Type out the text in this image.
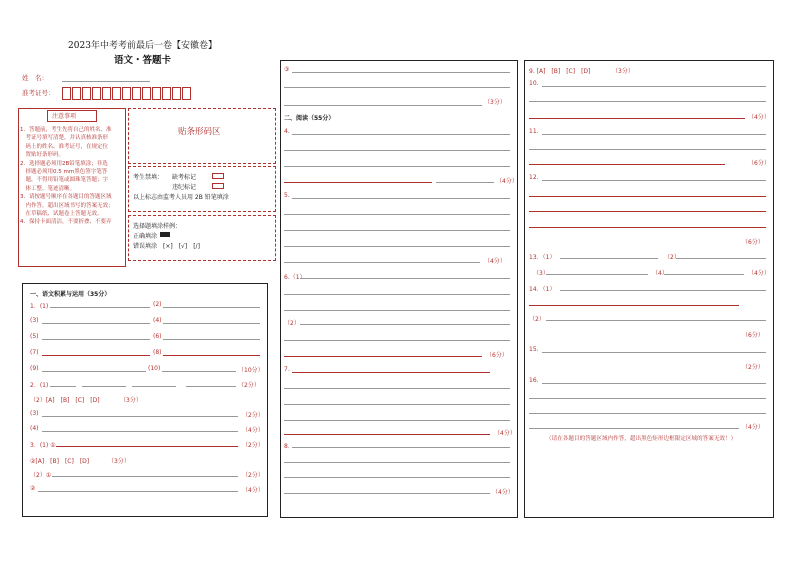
2023年中考考前最后一卷【安徽卷】
语文・答题卡
姓　名：
准考证号：
注意事项
1．答题前，考生先将自己的姓名、准
　考证号填写清楚，并认真核准条形
　码上的姓名、准考证号，在规定位
　置贴好条形码。
2．选择题必须用2B铅笔填涂；非选
　择题必须用0.5 mm黑色签字笔答
　题，不得用铅笔或圆珠笔答题；字
　体工整、笔迹清晰。
3．请按题号顺序在各题目的答题区域
　内作答，超出区域书写的答案无效；
　在草稿纸、试题卷上答题无效。
4．保持卡面清洁，不要折叠、不要弄
贴条形码区
考生禁填： 缺考标记
违纪标记
以上标志由监考人员用 2B 铅笔填涂
选择题填涂样例：
正确填涂
错误填涂　[×]　[√]　[/]
一、语文积累与运用（35分）
1．(1)	(2)
(3)	(4)
(5)	(6)
(7)	(8)
(9)	(10)	（10分）
2．(1)	（2分）
（2）[A]　[B]　[C]　[D]	（3分）
(3)	（2分）
(4)	（4分）
3．(1) ①	（2分）
②[A]　[B]　[C]　[D]	（3分）
（2）①	（2分）
②	（4分）
③
（3分）
二、阅读（55分）
4.
（4分）
5.
（4分）
6.（1）
（2）
（6分）
7.
（4分）
8．
（4分）
9. [A]　[B]　[C]　[D]	（3分）
10.
（4分）
11.
（6分）
12.
（6分）
13．（1）	（2）
（3）	（4）	（4分）
14．（1）
（2）
（6分）
15.
（2分）
16.
（4分）
（请在各题目的答题区域内作答，超出黑色矩形边框限定区域的答案无效！）
